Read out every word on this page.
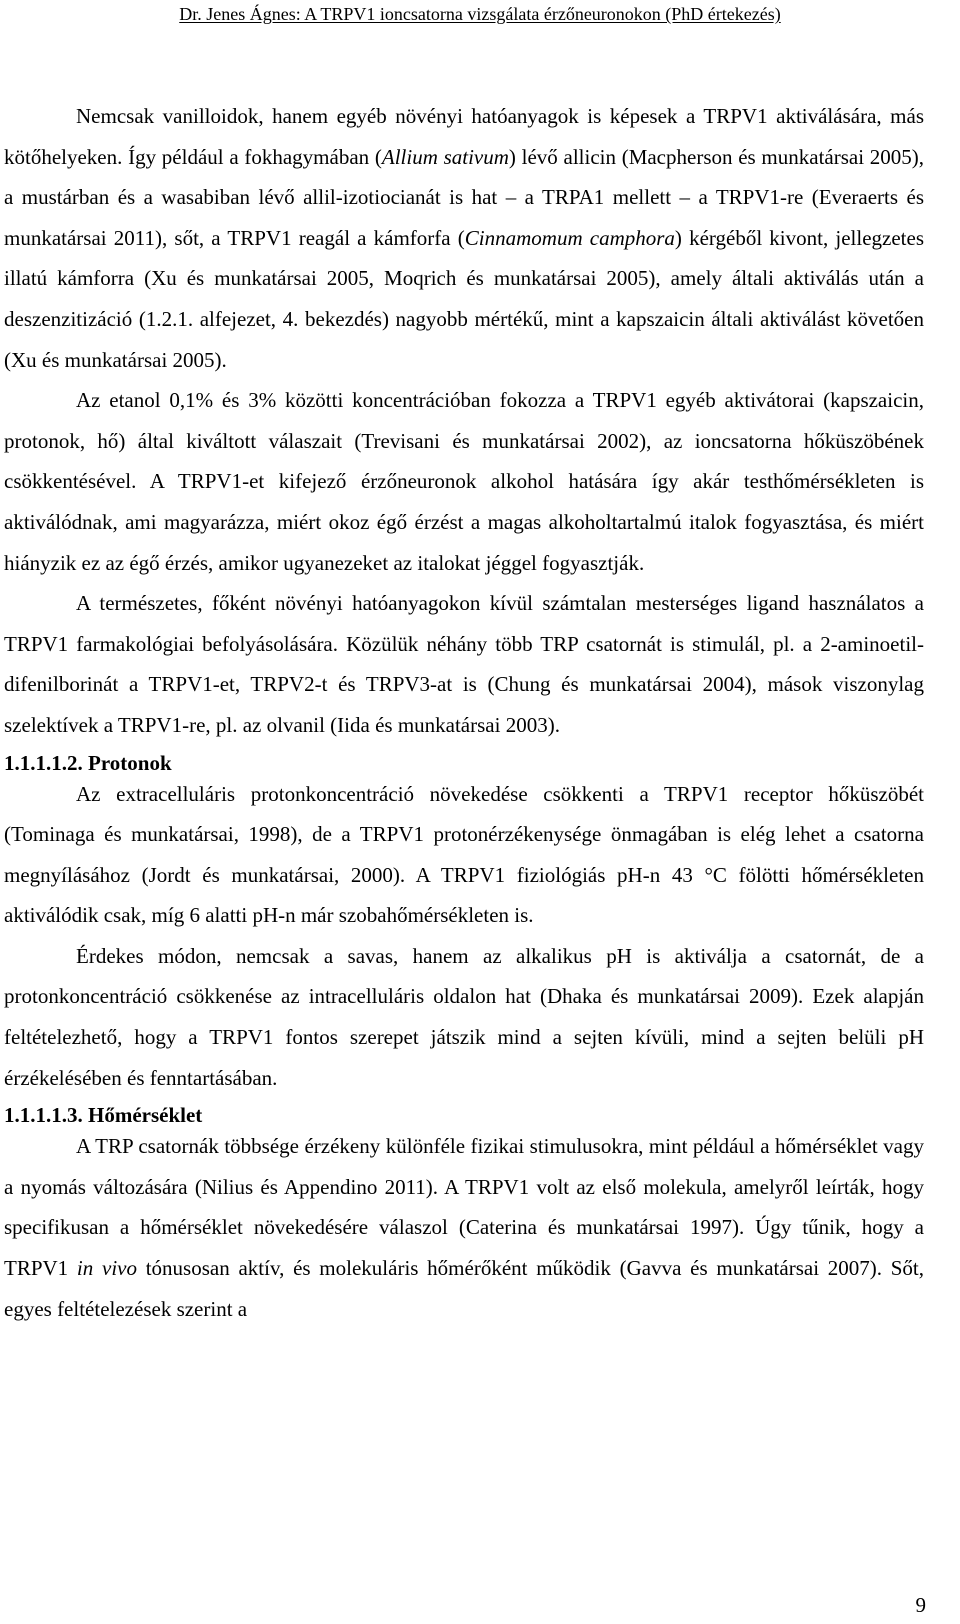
Dr. Jenes Ágnes: A TRPV1 ioncsatorna vizsgálata érzőneuronokon (PhD értekezés)

Nemcsak vanilloidok, hanem egyéb növényi hatóanyagok is képesek a TRPV1 aktiválására, más kötőhelyeken. Így például a fokhagymában (Allium sativum) lévő allicin (Macpherson és munkatársai 2005), a mustárban és a wasabiban lévő allil-izotiocianát is hat – a TRPA1 mellett – a TRPV1-re (Everaerts és munkatársai 2011), sőt, a TRPV1 reagál a kámforfa (Cinnamomum camphora) kérgéből kivont, jellegzetes illatú kámforra (Xu és munkatársai 2005, Moqrich és munkatársai 2005), amely általi aktiválás után a deszenzitizáció (1.2.1. alfejezet, 4. bekezdés) nagyobb mértékű, mint a kapszaicin általi aktiválást követően (Xu és munkatársai 2005).

Az etanol 0,1% és 3% közötti koncentrációban fokozza a TRPV1 egyéb aktivátorai (kapszaicin, protonok, hő) által kiváltott válaszait (Trevisani és munkatársai 2002), az ioncsatorna hőküszöbének csökkentésével. A TRPV1-et kifejező érzőneuronok alkohol hatására így akár testhőmérsékleten is aktiválódnak, ami magyarázza, miért okoz égő érzést a magas alkoholtartalmú italok fogyasztása, és miért hiányzik ez az égő érzés, amikor ugyanezeket az italokat jéggel fogyasztják.

A természetes, főként növényi hatóanyagokon kívül számtalan mesterséges ligand használatos a TRPV1 farmakológiai befolyásolására. Közülük néhány több TRP csatornát is stimulál, pl. a 2-aminoetil-difenilborinát a TRPV1-et, TRPV2-t és TRPV3-at is (Chung és munkatársai 2004), mások viszonylag szelektívek a TRPV1-re, pl. az olvanil (Iida és munkatársai 2003).

1.1.1.1.2. Protonok

Az extracelluláris protonkoncentráció növekedése csökkenti a TRPV1 receptor hőküszöbét (Tominaga és munkatársai, 1998), de a TRPV1 protonérzékenysége önmagában is elég lehet a csatorna megnyílásához (Jordt és munkatársai, 2000). A TRPV1 fiziológiás pH-n 43 °C fölötti hőmérsékleten aktiválódik csak, míg 6 alatti pH-n már szobahőmérsékleten is.

Érdekes módon, nemcsak a savas, hanem az alkalikus pH is aktiválja a csatornát, de a protonkoncentráció csökkenése az intracelluláris oldalon hat (Dhaka és munkatársai 2009). Ezek alapján feltételezhető, hogy a TRPV1 fontos szerepet játszik mind a sejten kívüli, mind a sejten belüli pH érzékelésében és fenntartásában.

1.1.1.1.3. Hőmérséklet

A TRP csatornák többsége érzékeny különféle fizikai stimulusokra, mint például a hőmérséklet vagy a nyomás változására (Nilius és Appendino 2011). A TRPV1 volt az első molekula, amelyről leírták, hogy specifikusan a hőmérséklet növekedésére válaszol (Caterina és munkatársai 1997). Úgy tűnik, hogy a TRPV1 in vivo tónusosan aktív, és molekuláris hőmérőként működik (Gavva és munkatársai 2007). Sőt, egyes feltételezések szerint a

9
